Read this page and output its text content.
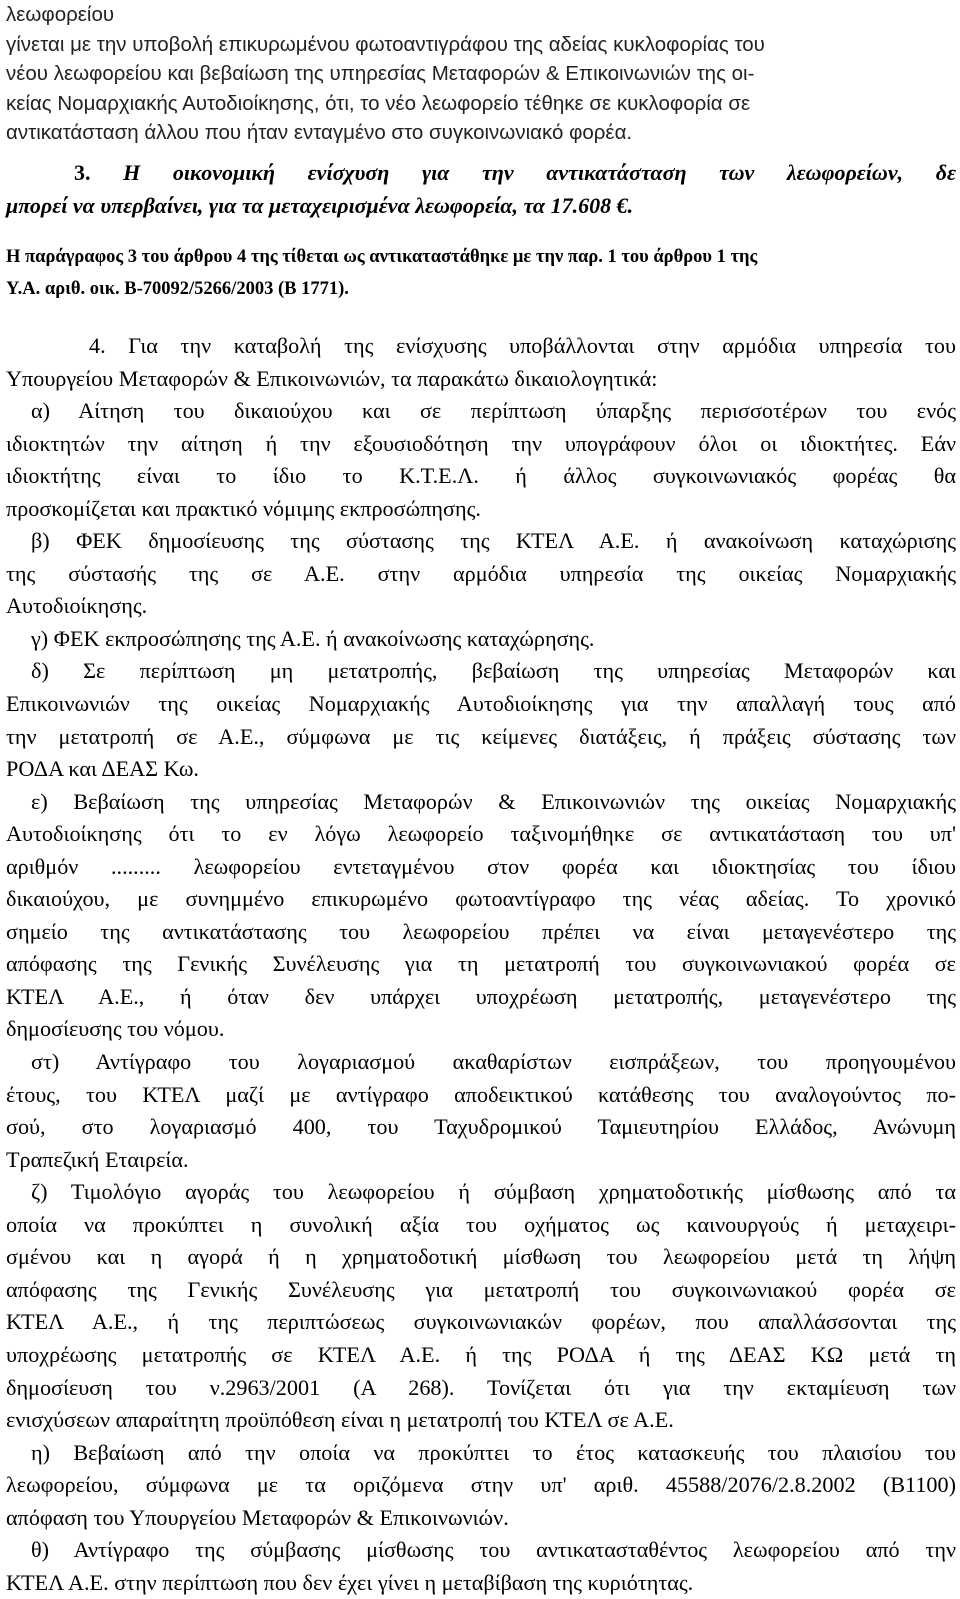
λεωφορείου
γίνεται με την υποβολή επικυρωμένου φωτοαντιγράφου της αδείας κυκλοφορίας του
νέου λεωφορείου και βεβαίωση της υπηρεσίας Μεταφορών & Επικοινωνιών της οι-
κείας Νομαρχιακής Αυτοδιοίκησης, ότι, το νέο λεωφορείο τέθηκε σε κυκλοφορία σε
αντικατάσταση άλλου που ήταν ενταγμένο στο συγκοινωνιακό φορέα.
3. Η οικονομική ενίσχυση για την αντικατάσταση των λεωφορείων, δε
μπορεί να υπερβαίνει, για τα μεταχειρισμένα λεωφορεία, τα 17.608 €.
Η παράγραφος 3 του άρθρου 4 της τίθεται ως αντικαταστάθηκε με την παρ. 1 του άρθρου 1 της
Υ.Α. αριθ. οικ. Β-70092/5266/2003 (Β 1771).
4. Για την καταβολή της ενίσχυσης υποβάλλονται στην αρμόδια υπηρεσία του
Υπουργείου Μεταφορών & Επικοινωνιών, τα παρακάτω δικαιολογητικά:
α) Αίτηση του δικαιούχου και σε περίπτωση ύπαρξης περισσοτέρων του ενός
ιδιοκτητών την αίτηση ή την εξουσιοδότηση την υπογράφουν όλοι οι ιδιοκτήτες. Εάν
ιδιοκτήτης είναι το ίδιο το Κ.Τ.Ε.Λ. ή άλλος συγκοινωνιακός φορέας θα
προσκομίζεται και πρακτικό νόμιμης εκπροσώπησης.
β) ΦΕΚ δημοσίευσης της σύστασης της ΚΤΕΛ Α.Ε. ή ανακοίνωση καταχώρισης
της σύστασής της σε Α.Ε. στην αρμόδια υπηρεσία της οικείας Νομαρχιακής
Αυτοδιοίκησης.
γ) ΦΕΚ εκπροσώπησης της Α.Ε. ή ανακοίνωσης καταχώρησης.
δ) Σε περίπτωση μη μετατροπής, βεβαίωση της υπηρεσίας Μεταφορών και
Επικοινωνιών της οικείας Νομαρχιακής Αυτοδιοίκησης για την απαλλαγή τους από
την μετατροπή σε Α.Ε., σύμφωνα με τις κείμενες διατάξεις, ή πράξεις σύστασης των
ΡΟΔΑ και ΔΕΑΣ Κω.
ε) Βεβαίωση της υπηρεσίας Μεταφορών & Επικοινωνιών της οικείας Νομαρχιακής
Αυτοδιοίκησης ότι το εν λόγω λεωφορείο ταξινομήθηκε σε αντικατάσταση του υπ'
αριθμόν ......... λεωφορείου εντεταγμένου στον φορέα και ιδιοκτησίας του ίδιου
δικαιούχου, με συνημμένο επικυρωμένο φωτοαντίγραφο της νέας αδείας. Το χρονικό
σημείο της αντικατάστασης του λεωφορείου πρέπει να είναι μεταγενέστερο της
απόφασης της Γενικής Συνέλευσης για τη μετατροπή του συγκοινωνιακού φορέα σε
ΚΤΕΛ Α.Ε., ή όταν δεν υπάρχει υποχρέωση μετατροπής, μεταγενέστερο της
δημοσίευσης του νόμου.
στ) Αντίγραφο του λογαριασμού ακαθαρίστων εισπράξεων, του προηγουμένου
έτους, του ΚΤΕΛ μαζί με αντίγραφο αποδεικτικού κατάθεσης του αναλογούντος πο-
σού, στο λογαριασμό 400, του Ταχυδρομικού Ταμιευτηρίου Ελλάδος, Ανώνυμη
Τραπεζική Εταιρεία.
ζ) Τιμολόγιο αγοράς του λεωφορείου ή σύμβαση χρηματοδοτικής μίσθωσης από τα
οποία να προκύπτει η συνολική αξία του οχήματος ως καινουργούς ή μεταχειρι-
σμένου και η αγορά ή η χρηματοδοτική μίσθωση του λεωφορείου μετά τη λήψη
απόφασης της Γενικής Συνέλευσης για μετατροπή του συγκοινωνιακού φορέα σε
ΚΤΕΛ Α.Ε., ή της περιπτώσεως συγκοινωνιακών φορέων, που απαλλάσσονται της
υποχρέωσης μετατροπής σε ΚΤΕΛ Α.Ε. ή της ΡΟΔΑ ή της ΔΕΑΣ ΚΩ μετά τη
δημοσίευση του ν.2963/2001 (Α 268). Τονίζεται ότι για την εκταμίευση των
ενισχύσεων απαραίτητη προϋπόθεση είναι η μετατροπή του ΚΤΕΛ σε Α.Ε.
η) Βεβαίωση από την οποία να προκύπτει το έτος κατασκευής του πλαισίου του
λεωφορείου, σύμφωνα με τα οριζόμενα στην υπ' αριθ. 45588/2076/2.8.2002 (Β1100)
απόφαση του Υπουργείου Μεταφορών & Επικοινωνιών.
θ) Αντίγραφο της σύμβασης μίσθωσης του αντικατασταθέντος λεωφορείου από την
ΚΤΕΛ Α.Ε. στην περίπτωση που δεν έχει γίνει η μεταβίβαση της κυριότητας.
